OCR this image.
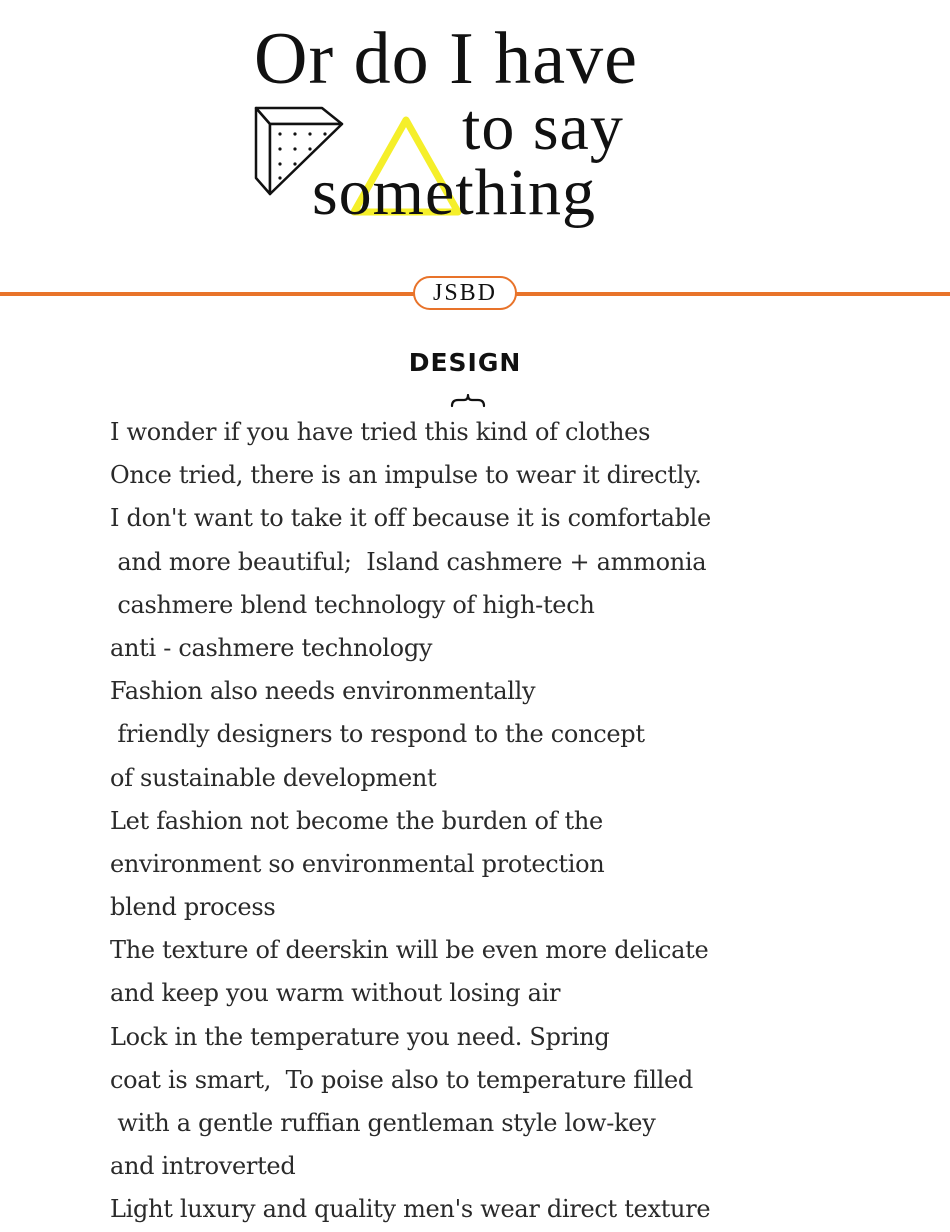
Or do I have

to say

something

JSBD
DESIGN
I wonder if you have tried this kind of clothes
Once tried, there is an impulse to wear it directly.
I don't want to take it off because it is comfortable
and more beautiful;  Island cashmere + ammonia
cashmere blend technology of high-tech
anti - cashmere technology
Fashion also needs environmentally
friendly designers to respond to the concept
of sustainable development
Let fashion not become the burden of the
environment so environmental protection
blend process
The texture of deerskin will be even more delicate
and keep you warm without losing air
Lock in the temperature you need. Spring
coat is smart,  To poise also to temperature filled
with a gentle ruffian gentleman style low-key
and introverted
Light luxury and quality men's wear direct texture
